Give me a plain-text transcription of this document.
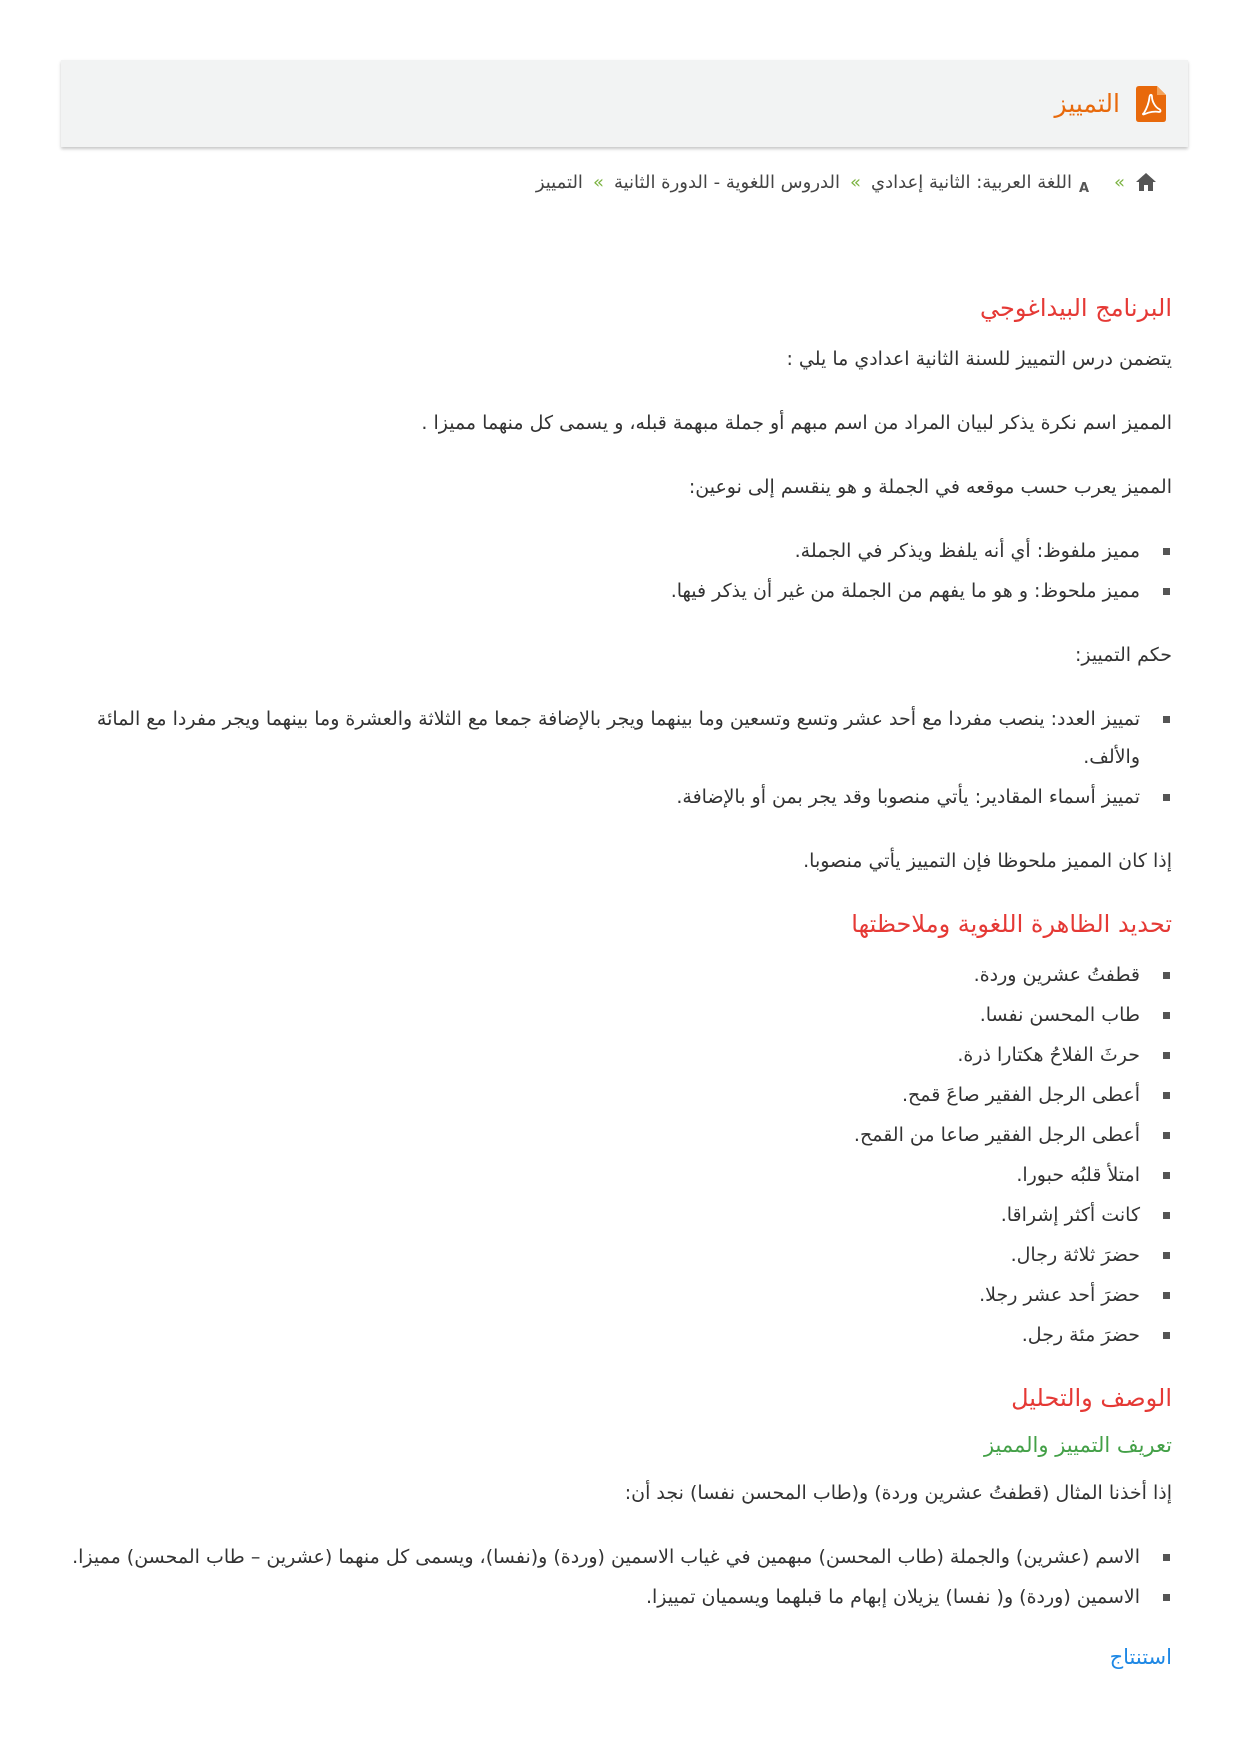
التمييز
»
A
اللغة العربية: الثانية إعدادي
»
الدروس اللغوية - الدورة الثانية
»
التمييز
البرنامج البيداغوجي

يتضمن درس التمييز للسنة الثانية اعدادي ما يلي :

المميز اسم نكرة يذكر لبيان المراد من اسم مبهم أو جملة مبهمة قبله، و يسمى كل منهما مميزا .

المميز يعرب حسب موقعه في الجملة و هو ينقسم إلى نوعين:

مميز ملفوظ: أي أنه يلفظ ويذكر في الجملة.
مميز ملحوظ: و هو ما يفهم من الجملة من غير أن يذكر فيها.

حكم التمييز:

تمييز العدد: ينصب مفردا مع أحد عشر وتسع وتسعين وما بينهما ويجر بالإضافة جمعا مع الثلاثة والعشرة وما بينهما ويجر مفردا مع المائة والألف.
تمييز أسماء المقادير: يأتي منصوبا وقد يجر بمن أو بالإضافة.

إذا كان المميز ملحوظا فإن التمييز يأتي منصوبا.

تحديد الظاهرة اللغوية وملاحظتها
قطفتُ عشرين وردة.
طاب المحسن نفسا.
حرثَ الفلاحُ هكتارا ذرة.
أعطى الرجل الفقير صاعَ قمح.
أعطى الرجل الفقير صاعا من القمح.
امتلأ قلبُه حبورا.
كانت أكثر إشراقا.
حضرَ ثلاثة رجال.
حضرَ أحد عشر رجلا.
حضرَ مئة رجل.
الوصف والتحليل
تعريف التمييز والمميز

إذا أخذنا المثال (قطفتُ عشرين وردة) و(طاب المحسن نفسا) نجد أن:

الاسم (عشرين) والجملة (طاب المحسن) مبهمين في غياب الاسمين (وردة) و(نفسا)، ويسمى كل منهما (عشرين – طاب المحسن) مميزا.
الاسمين (وردة) و( نفسا) يزيلان إبهام ما قبلهما ويسميان تمييزا.
استنتاج
